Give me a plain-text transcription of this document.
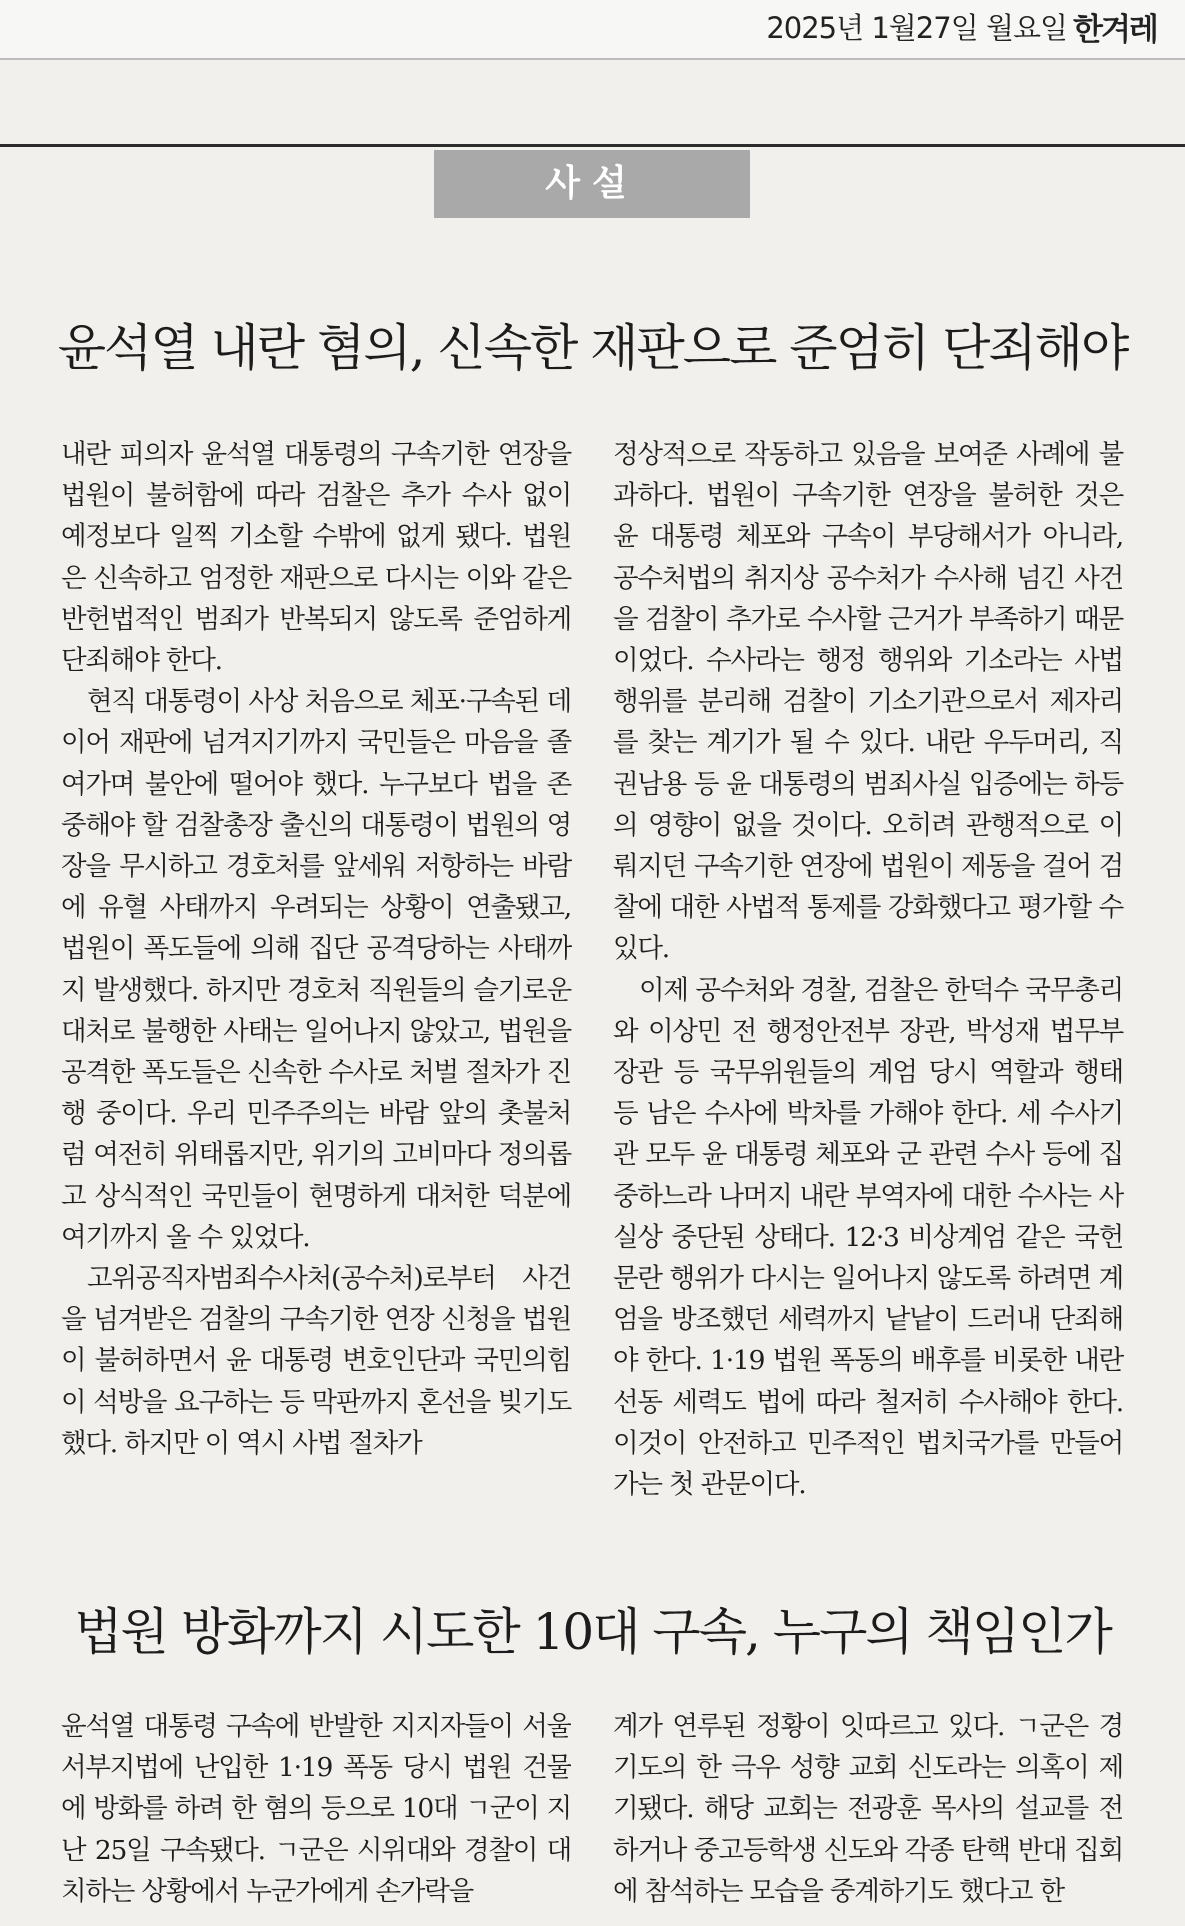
2025년 1월27일 월요일 한겨레
사설
윤석열 내란 혐의, 신속한 재판으로 준엄히 단죄해야

내란 피의자 윤석열 대통령의 구속기한 연장을 법원이 불허함에 따라 검찰은 추가 수사 없이 예정보다 일찍 기소할 수밖에 없게 됐다. 법원은 신속하고 엄정한 재판으로 다시는 이와 같은 반헌법적인 범죄가 반복되지 않도록 준엄하게 단죄해야 한다.

현직 대통령이 사상 처음으로 체포·구속된 데 이어 재판에 넘겨지기까지 국민들은 마음을 졸여가며 불안에 떨어야 했다. 누구보다 법을 존중해야 할 검찰총장 출신의 대통령이 법원의 영장을 무시하고 경호처를 앞세워 저항하는 바람에 유혈 사태까지 우려되는 상황이 연출됐고, 법원이 폭도들에 의해 집단 공격당하는 사태까지 발생했다. 하지만 경호처 직원들의 슬기로운 대처로 불행한 사태는 일어나지 않았고, 법원을 공격한 폭도들은 신속한 수사로 처벌 절차가 진행 중이다. 우리 민주주의는 바람 앞의 촛불처럼 여전히 위태롭지만, 위기의 고비마다 정의롭고 상식적인 국민들이 현명하게 대처한 덕분에 여기까지 올 수 있었다.

고위공직자범죄수사처(공수처)로부터 사건을 넘겨받은 검찰의 구속기한 연장 신청을 법원이 불허하면서 윤 대통령 변호인단과 국민의힘이 석방을 요구하는 등 막판까지 혼선을 빚기도 했다. 하지만 이 역시 사법 절차가

정상적으로 작동하고 있음을 보여준 사례에 불과하다. 법원이 구속기한 연장을 불허한 것은 윤 대통령 체포와 구속이 부당해서가 아니라, 공수처법의 취지상 공수처가 수사해 넘긴 사건을 검찰이 추가로 수사할 근거가 부족하기 때문이었다. 수사라는 행정 행위와 기소라는 사법 행위를 분리해 검찰이 기소기관으로서 제자리를 찾는 계기가 될 수 있다. 내란 우두머리, 직권남용 등 윤 대통령의 범죄사실 입증에는 하등의 영향이 없을 것이다. 오히려 관행적으로 이뤄지던 구속기한 연장에 법원이 제동을 걸어 검찰에 대한 사법적 통제를 강화했다고 평가할 수 있다.

이제 공수처와 경찰, 검찰은 한덕수 국무총리와 이상민 전 행정안전부 장관, 박성재 법무부 장관 등 국무위원들의 계엄 당시 역할과 행태 등 남은 수사에 박차를 가해야 한다. 세 수사기관 모두 윤 대통령 체포와 군 관련 수사 등에 집중하느라 나머지 내란 부역자에 대한 수사는 사실상 중단된 상태다. 12·3 비상계엄 같은 국헌문란 행위가 다시는 일어나지 않도록 하려면 계엄을 방조했던 세력까지 낱낱이 드러내 단죄해야 한다. 1·19 법원 폭동의 배후를 비롯한 내란 선동 세력도 법에 따라 철저히 수사해야 한다. 이것이 안전하고 민주적인 법치국가를 만들어가는 첫 관문이다.

법원 방화까지 시도한 10대 구속, 누구의 책임인가

윤석열 대통령 구속에 반발한 지지자들이 서울서부지법에 난입한 1·19 폭동 당시 법원 건물에 방화를 하려 한 혐의 등으로 10대 ㄱ군이 지난 25일 구속됐다. ㄱ군은 시위대와 경찰이 대치하는 상황에서 누군가에게 손가락을

계가 연루된 정황이 잇따르고 있다. ㄱ군은 경기도의 한 극우 성향 교회 신도라는 의혹이 제기됐다. 해당 교회는 전광훈 목사의 설교를 전하거나 중고등학생 신도와 각종 탄핵 반대 집회에 참석하는 모습을 중계하기도 했다고 한
